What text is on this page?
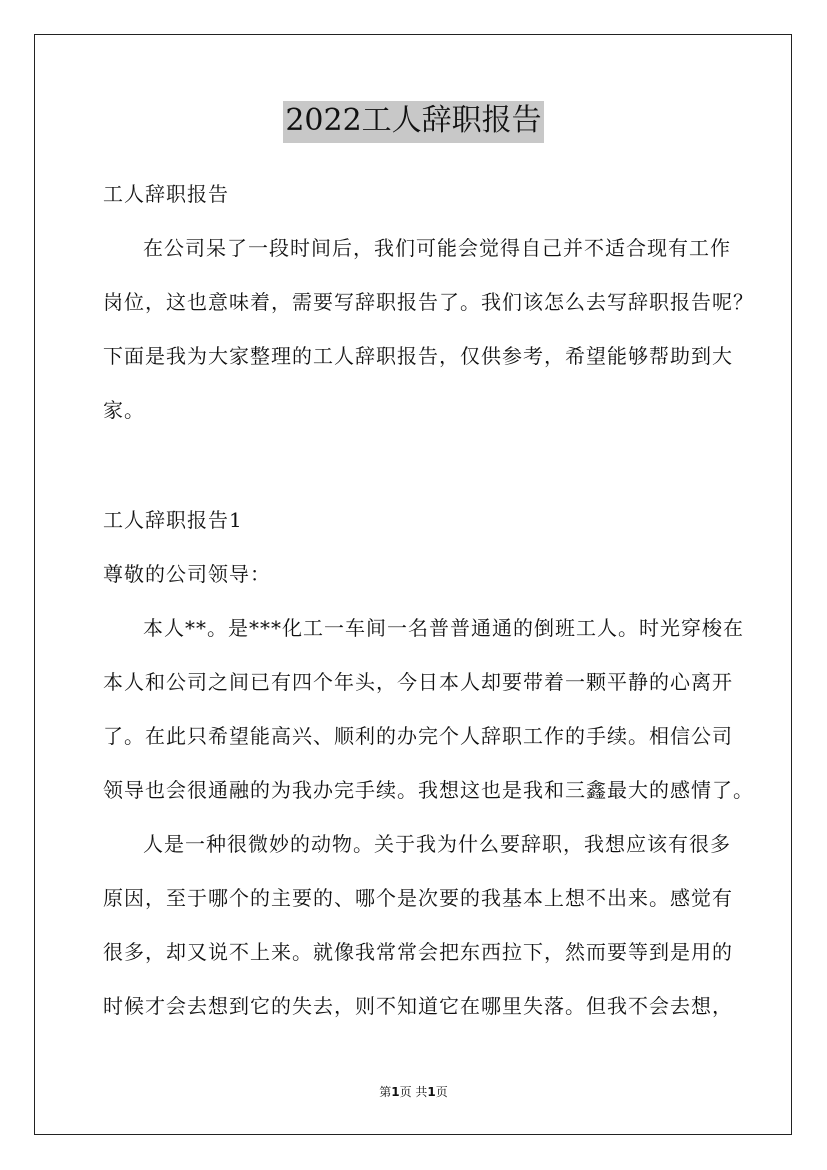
2022工人辞职报告
工人辞职报告
在公司呆了一段时间后，我们可能会觉得自己并不适合现有工作
岗位，这也意味着，需要写辞职报告了。我们该怎么去写辞职报告呢？
下面是我为大家整理的工人辞职报告，仅供参考，希望能够帮助到大
家。
工人辞职报告1
尊敬的公司领导：
本人**。是***化工一车间一名普普通通的倒班工人。时光穿梭在
本人和公司之间已有四个年头，今日本人却要带着一颗平静的心离开
了。在此只希望能高兴、顺利的办完个人辞职工作的手续。相信公司
领导也会很通融的为我办完手续。我想这也是我和三鑫最大的感情了。
人是一种很微妙的动物。关于我为什么要辞职，我想应该有很多
原因，至于哪个的主要的、哪个是次要的我基本上想不出来。感觉有
很多，却又说不上来。就像我常常会把东西拉下，然而要等到是用的
时候才会去想到它的失去，则不知道它在哪里失落。但我不会去想，
第1页 共1页
